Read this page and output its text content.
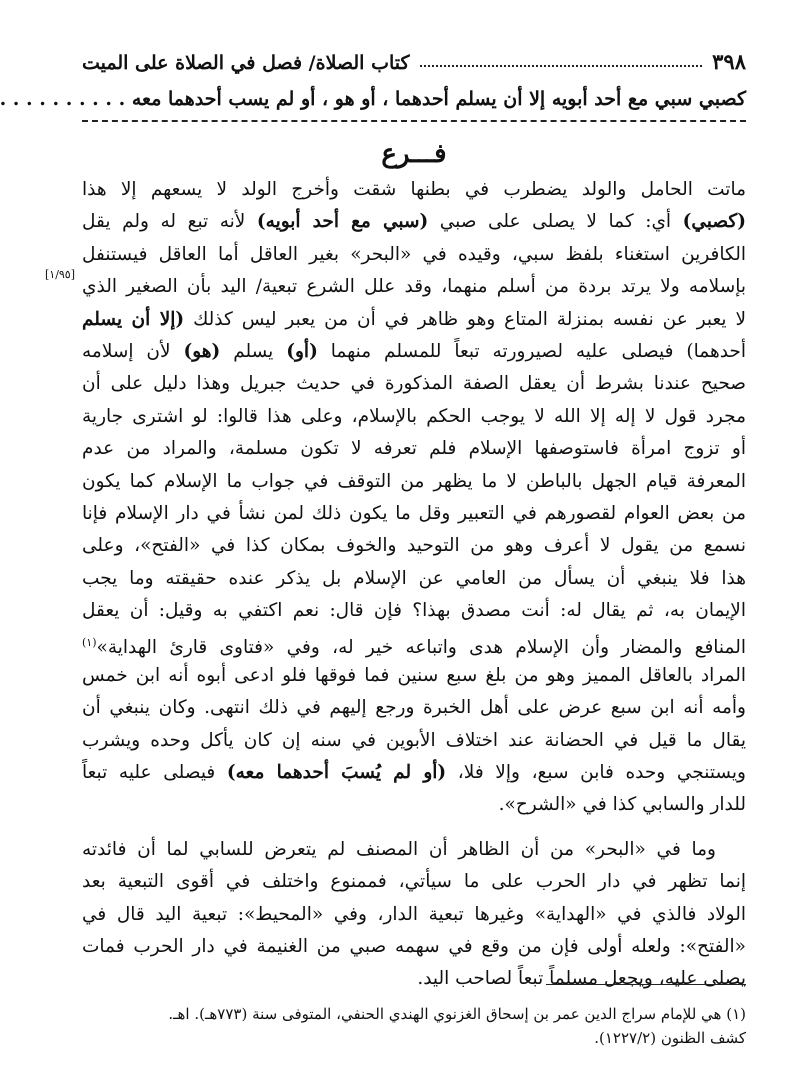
٣٩٨
كتاب الصلاة/ فصل في الصلاة على الميت
كصبي سبي مع أحد أبويه إلا أن يسلم أحدهما ، أو هو ، أو لم يسب أحدهما معه . . . . . . . . . .
فـــرع
[١/٩٥]
ماتت الحامل والولد يضطرب في بطنها شقت وأخرج الولد لا يسعهم إلا هذا
(كصبي) أي: كما لا يصلى على صبي (سبي مع أحد أبويه) لأنه تبع له ولم يقل
الكافرين استغناء بلفظ سبي، وقيده في «البحر» بغير العاقل أما العاقل فيستنفل
بإسلامه ولا يرتد بردة من أسلم منهما، وقد علل الشرع تبعية/ اليد بأن الصغير الذي
لا يعبر عن نفسه بمنزلة المتاع وهو ظاهر في أن من يعبر ليس كذلك (إلا أن يسلم
أحدهما) فيصلى عليه لصيرورته تبعاً للمسلم منهما (أو) يسلم (هو) لأن إسلامه
صحيح عندنا بشرط أن يعقل الصفة المذكورة في حديث جبريل وهذا دليل على أن
مجرد قول لا إله إلا الله لا يوجب الحكم بالإسلام، وعلى هذا قالوا: لو اشترى جارية
أو تزوج امرأة فاستوصفها الإسلام فلم تعرفه لا تكون مسلمة، والمراد من عدم
المعرفة قيام الجهل بالباطن لا ما يظهر من التوقف في جواب ما الإسلام كما يكون
من بعض العوام لقصورهم في التعبير وقل ما يكون ذلك لمن نشأ في دار الإسلام فإنا
نسمع من يقول لا أعرف وهو من التوحيد والخوف بمكان كذا في «الفتح»، وعلى
هذا فلا ينبغي أن يسأل من العامي عن الإسلام بل يذكر عنده حقيقته وما يجب
الإيمان به، ثم يقال له: أنت مصدق بهذا؟ فإن قال: نعم اكتفي به وقيل: أن يعقل
المنافع والمضار وأن الإسلام هدى واتباعه خير له، وفي «فتاوى قارئ الهداية»$^{(١)}$
المراد بالعاقل المميز وهو من بلغ سبع سنين فما فوقها فلو ادعى أبوه أنه ابن خمس
وأمه أنه ابن سبع عرض على أهل الخبرة ورجع إليهم في ذلك انتهى. وكان ينبغي أن
يقال ما قيل في الحضانة عند اختلاف الأبوين في سنه إن كان يأكل وحده ويشرب
ويستنجي وحده فابن سبع، وإلا فلا، (أو لم يُسبَ أحدهما معه) فيصلى عليه تبعاً
للدار والسابي كذا في «الشرح».
وما في «البحر» من أن الظاهر أن المصنف لم يتعرض للسابي لما أن فائدته
إنما تظهر في دار الحرب على ما سيأتي، فممنوع واختلف في أقوى التبعية بعد
الولاد فالذي في «الهداية» وغيرها تبعية الدار، وفي «المحيط»: تبعية اليد قال في
«الفتح»: ولعله أولى فإن من وقع في سهمه صبي من الغنيمة في دار الحرب فمات
يصلى عليه، ويجعل مسلماً تبعاً لصاحب اليد.
(١) هي للإمام سراج الدين عمر بن إسحاق الغزنوي الهندي الحنفي، المتوفى سنة (٧٧٣هـ). اهـ.
كشف الظنون (١٢٢٧/٢).
